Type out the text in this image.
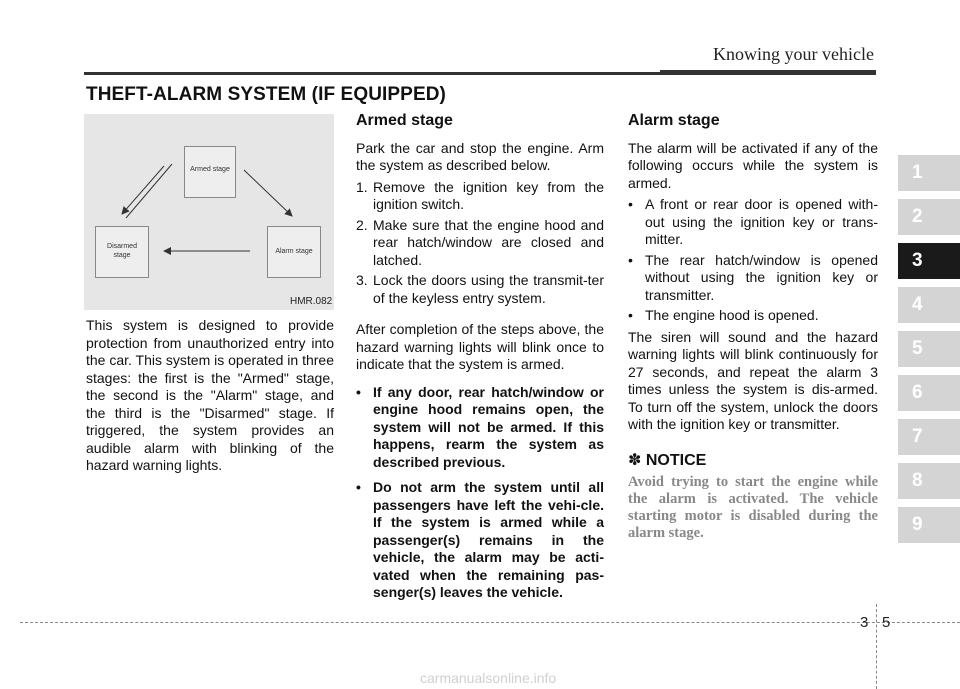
Knowing your vehicle
THEFT-ALARM SYSTEM (IF EQUIPPED)
Armed stage
Alarm stage
Disarmed
stage
HMR.082
This system is designed to provide protection from unauthorized entry into the car. This system is operated in three stages: the first is the "Armed" stage, the second is the "Alarm" stage, and the third is the "Disarmed" stage. If triggered, the system provides an audible alarm with blinking of the hazard warning lights.
Armed stage

Park the car and stop the engine. Arm the system as described below.

1. Remove the ignition key from the ignition switch.
2. Make sure that the engine hood and rear hatch/window are closed and latched.
3. Lock the doors using the transmit-ter of the keyless entry system.

After completion of the steps above, the hazard warning lights will blink once to indicate that the system is armed.

• If any door, rear hatch/window or engine hood remains open, the system will not be armed. If this happens, rearm the system as described previous.
• Do not arm the system until all passengers have left the vehi-cle. If the system is armed while a passenger(s) remains in the vehicle, the alarm may be acti-vated when the remaining pas-senger(s) leaves the vehicle.
Alarm stage

The alarm will be activated if any of the following occurs while the system is armed.

• A front or rear door is opened with-out using the ignition key or trans-mitter.
• The rear hatch/window is opened without using the ignition key or transmitter.
• The engine hood is opened.

The siren will sound and the hazard warning lights will blink continuously for 27 seconds, and repeat the alarm 3 times unless the system is dis-armed. To turn off the system, unlock the doors with the ignition key or transmitter.

✽ NOTICE
Avoid trying to start the engine while the alarm is activated. The vehicle starting motor is disabled during the alarm stage.
1
2
3
4
5
6
7
8
9
3 5
carmanualsonline.info
